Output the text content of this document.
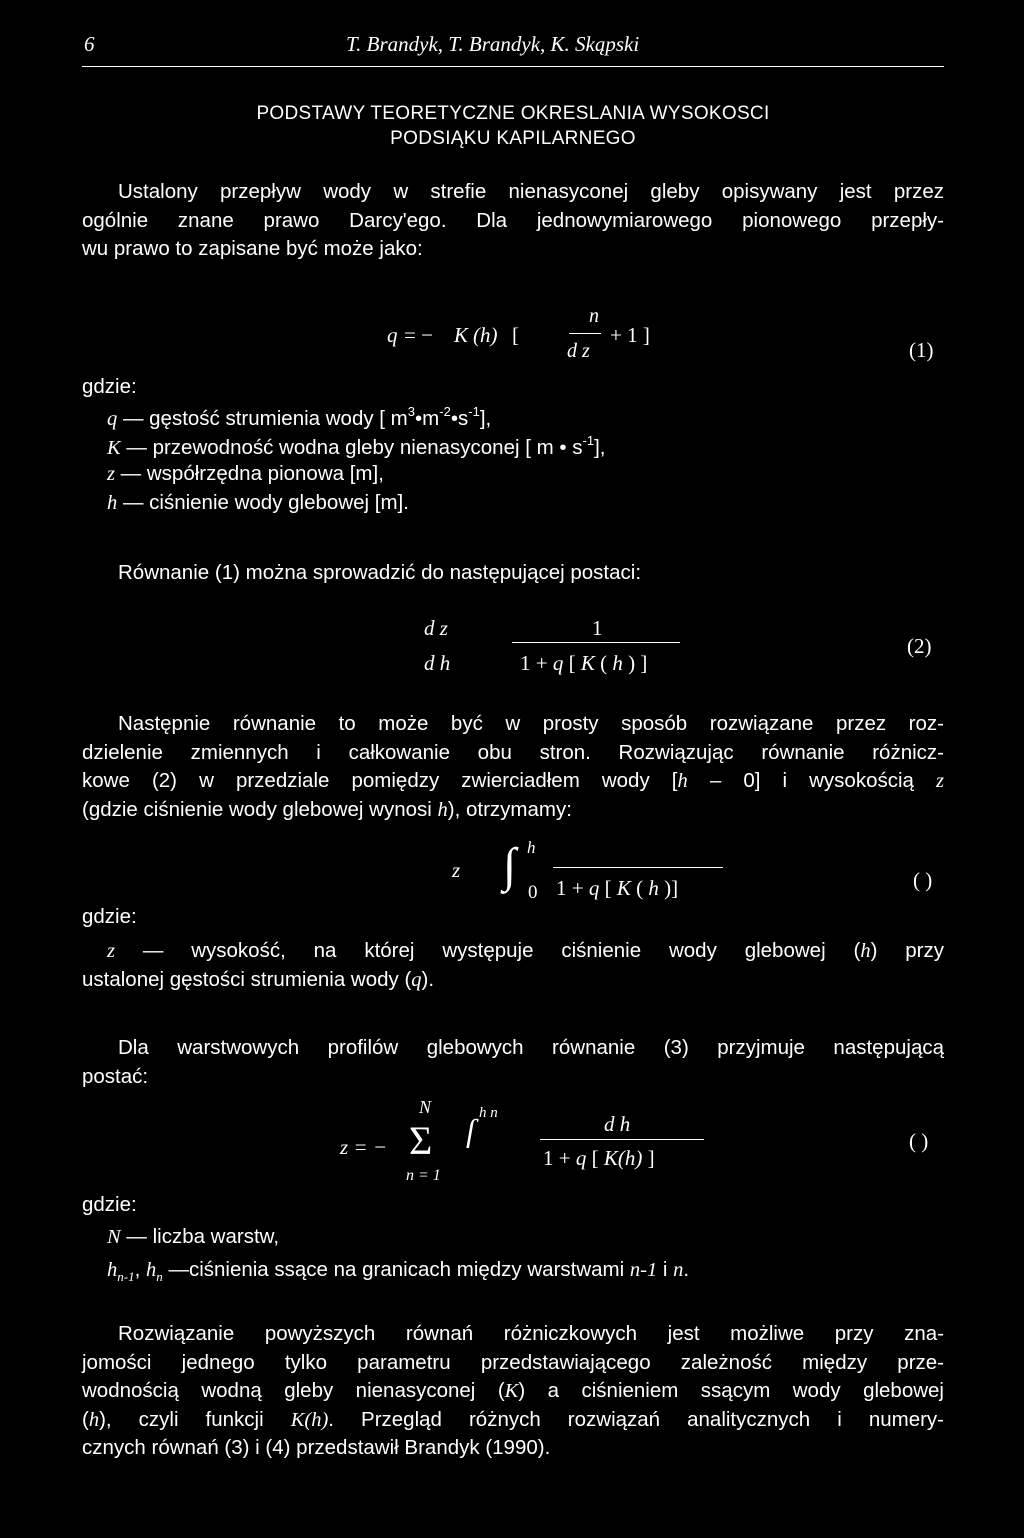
6	T. Brandyk, T. Brandyk, K. Skąpski
PODSTAWY TEORETYCZNE OKRESLANIA WYSOKOSCI
PODSIĄKU KAPILARNEGO
Ustalony przepływ wody w strefie nienasyconej gleby opisywany jest przez
ogólnie znane prawo Darcy'ego. Dla jednowymiarowego pionowego przepły-
wu prawo to zapisane być może jako:
q = − K (h) [
n
d z
+ 1 ]
(1)
gdzie:
q — gęstość strumienia wody [ $m^3•m^{-2}•s^{-1}$],
K — przewodność wodna gleby nienasyconej [ m • $s^{-1}$],
z — współrzędna pionowa [m],
h — ciśnienie wody glebowej [m].
Równanie (1) można sprowadzić do następującej postaci:
d z
d h
1
1 + q [ K ( h ) ]
(2)
Następnie równanie to może być w prosty sposób rozwiązane przez roz-
dzielenie zmiennych i całkowanie obu stron. Rozwiązując równanie różnicz-
kowe (2) w przedziale pomiędzy zwierciadłem wody [h – 0] i wysokością z
(gdzie ciśnienie wody glebowej wynosi h), otrzymamy:
z ∫ h
0 1 + q [ K ( h )]	( )
gdzie:
z — wysokość, na której występuje ciśnienie wody glebowej (h) przy
ustalonej gęstości strumienia wody (q).
Dla warstwowych profilów glebowych równanie (3) przyjmuje następującą
postać:
N
z = − Σ
n = 1
ſ h n	d h
1 + q [ K(h) ]
( )
gdzie:
N — liczba warstw,
$h_{n-1}$, $h_n$ —ciśnienia ssące na granicach między warstwami n-1 i n.
Rozwiązanie powyższych równań różniczkowych jest możliwe przy zna-
jomości jednego tylko parametru przedstawiającego zależność między prze-
wodnością wodną gleby nienasyconej (K) a ciśnieniem ssącym wody glebowej
(h), czyli funkcji K(h). Przegląd różnych rozwiązań analitycznych i numery-
cznych równań (3) i (4) przedstawił Brandyk (1990).
